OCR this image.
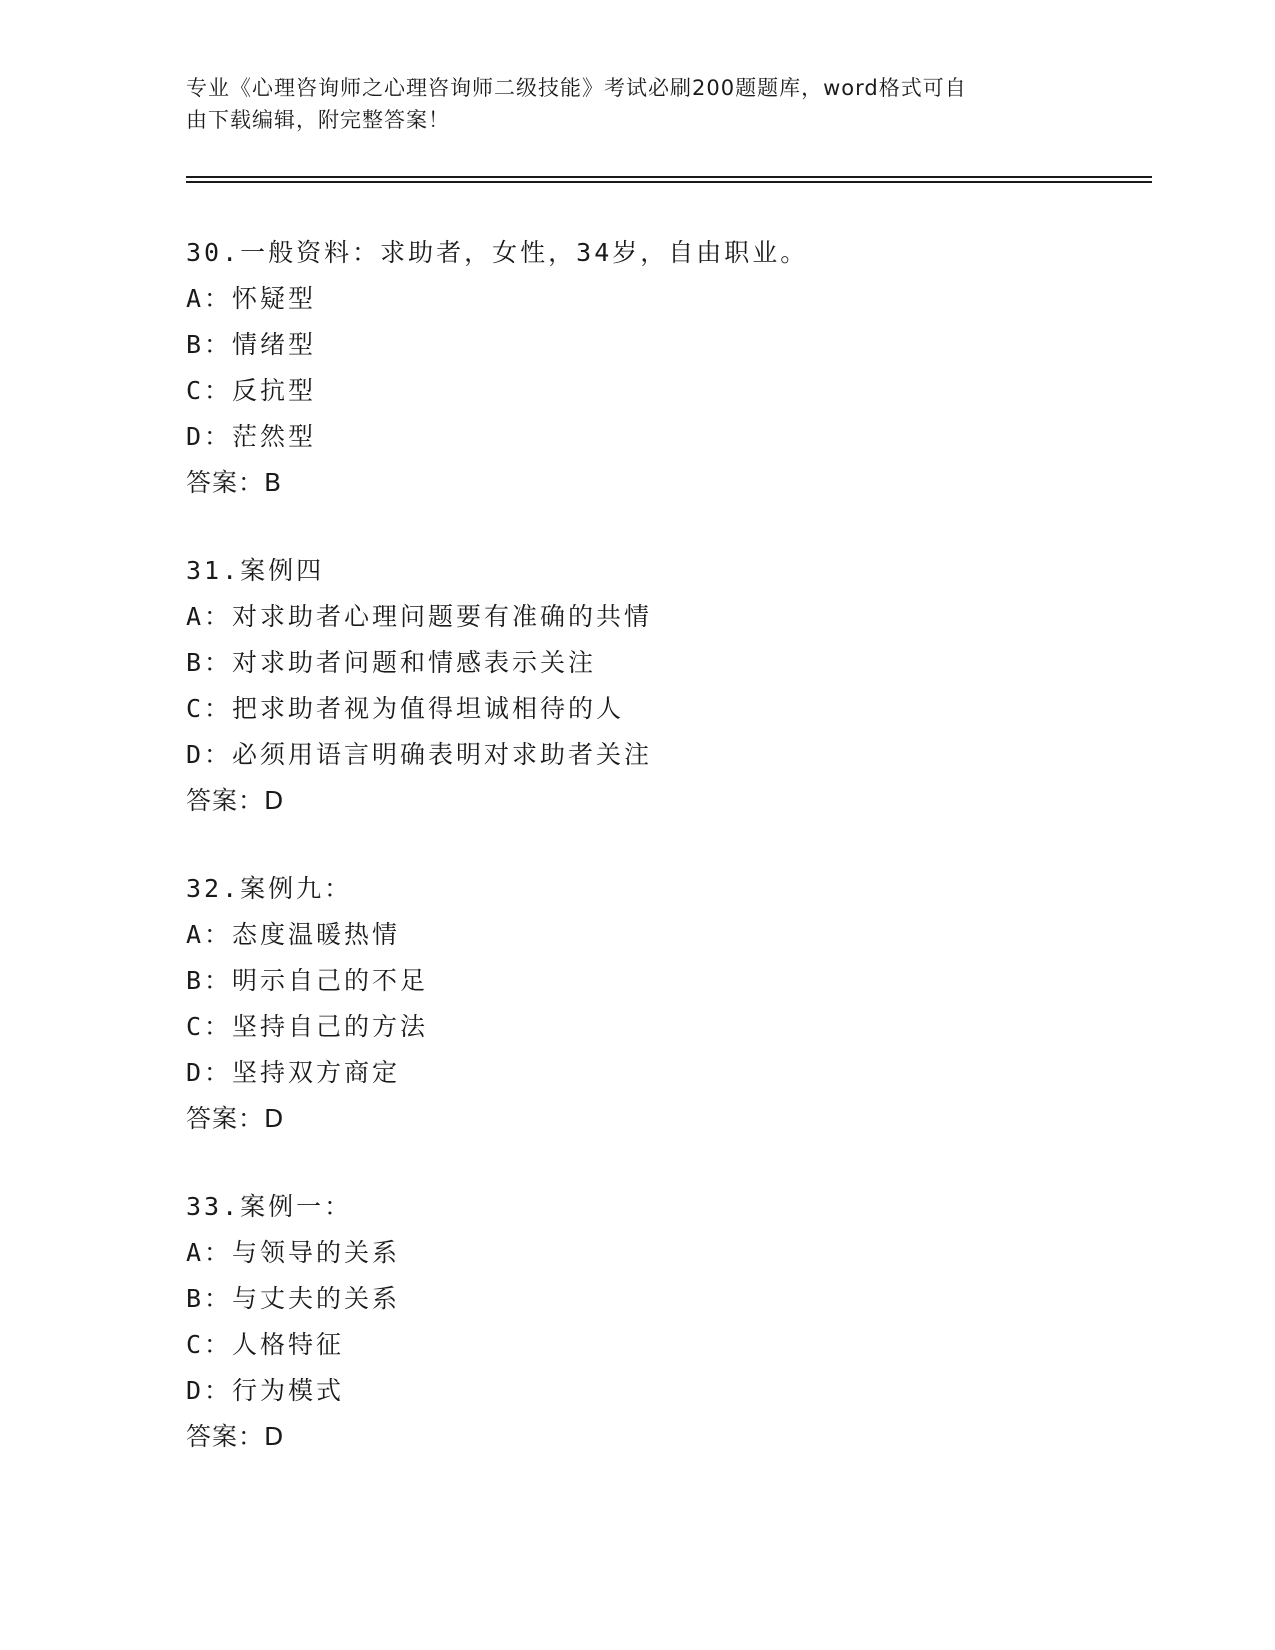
专业《心理咨询师之心理咨询师二级技能》考试必刷200题题库，word格式可自
由下载编辑，附完整答案！
30.一般资料：求助者，女性，34岁，自由职业。
A：怀疑型
B：情绪型
C：反抗型
D：茫然型
答案：B
31.案例四
A：对求助者心理问题要有准确的共情
B：对求助者问题和情感表示关注
C：把求助者视为值得坦诚相待的人
D：必须用语言明确表明对求助者关注
答案：D
32.案例九：
A：态度温暖热情
B：明示自己的不足
C：坚持自己的方法
D：坚持双方商定
答案：D
33.案例一：
A：与领导的关系
B：与丈夫的关系
C：人格特征
D：行为模式
答案：D
